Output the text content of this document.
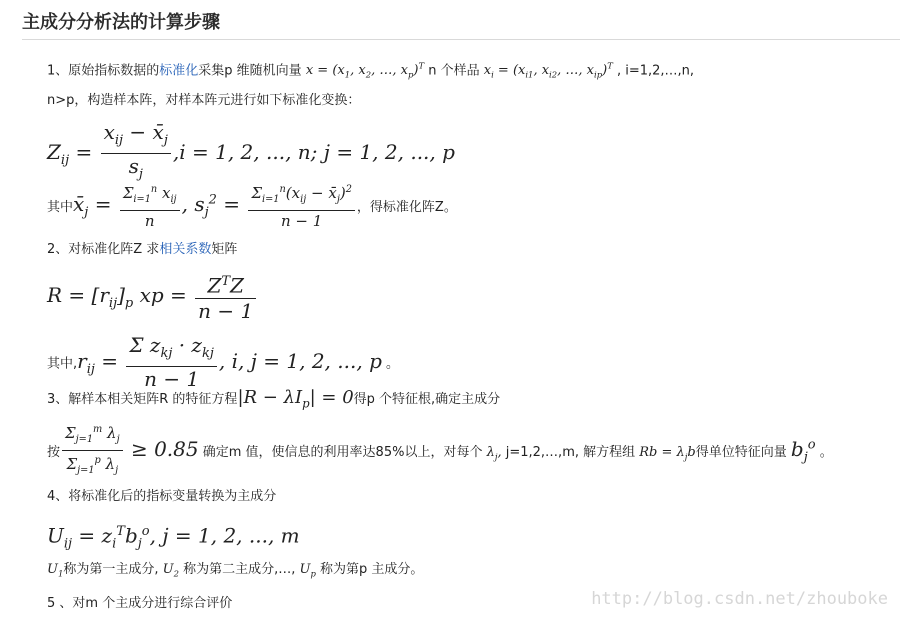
主成分分析法的计算步骤
1、原始指标数据的标准化采集p 维随机向量 $x = (x_1$, $x_2$, …, $x_p)^T$ n 个样品 $x_i = (x_{i1}$, $x_{i2}$, …, $x_{ip})^T$ , i=1,2,…,n,
n>p，构造样本阵，对样本阵元进行如下标准化变换：
$Z_{ij} = \frac{x_{ij} - x̄_j}{s_j} ,i = 1$, 2, ..., n; j = 1, 2, ..., p
其中$x̄_j = \frac{\Sigma_{i=1}^n x_{ij}}{n}$ , $s_j^2 = \frac{\Sigma_{i=1}^n(x_{ij} - x̄_j)^2}{n - 1}$ ，得标准化阵Z。
2、对标准化阵Z 求相关系数矩阵
$R = [r_{ij}]_p$ xp = $\frac{Z^TZ}{n - 1}$
其中$,r_{ij} = \frac{\Sigma z_{kj} \cdot z_{kj}}{n - 1}$ , i, j = 1, 2, ..., p 。
3、解样本相关矩阵R 的特征方程$|R - \lambda I_p| = 0$得p 个特征根,确定主成分
按 $\frac{\Sigma_{j=1}^m \lambda_j}{\Sigma_{j=1}^p \lambda_j} \ge 0.85$ 确定m 值，使信息的利用率达85%以上，对每个 $\lambda_j$, j=1,2,…,m, 解方程组 $Rb = \lambda_jb$得单位特征向量 $b_j^o$ 。
4、将标准化后的指标变量转换为主成分
$U_{ij} = z_i^Tb_j^o$, j = 1, 2, ..., m
$U_1$称为第一主成分, $U_2$ 称为第二主成分,…, $U_p$ 称为第p 主成分。
5 、对m 个主成分进行综合评价	http://blog.csdn.net/zhouboke
